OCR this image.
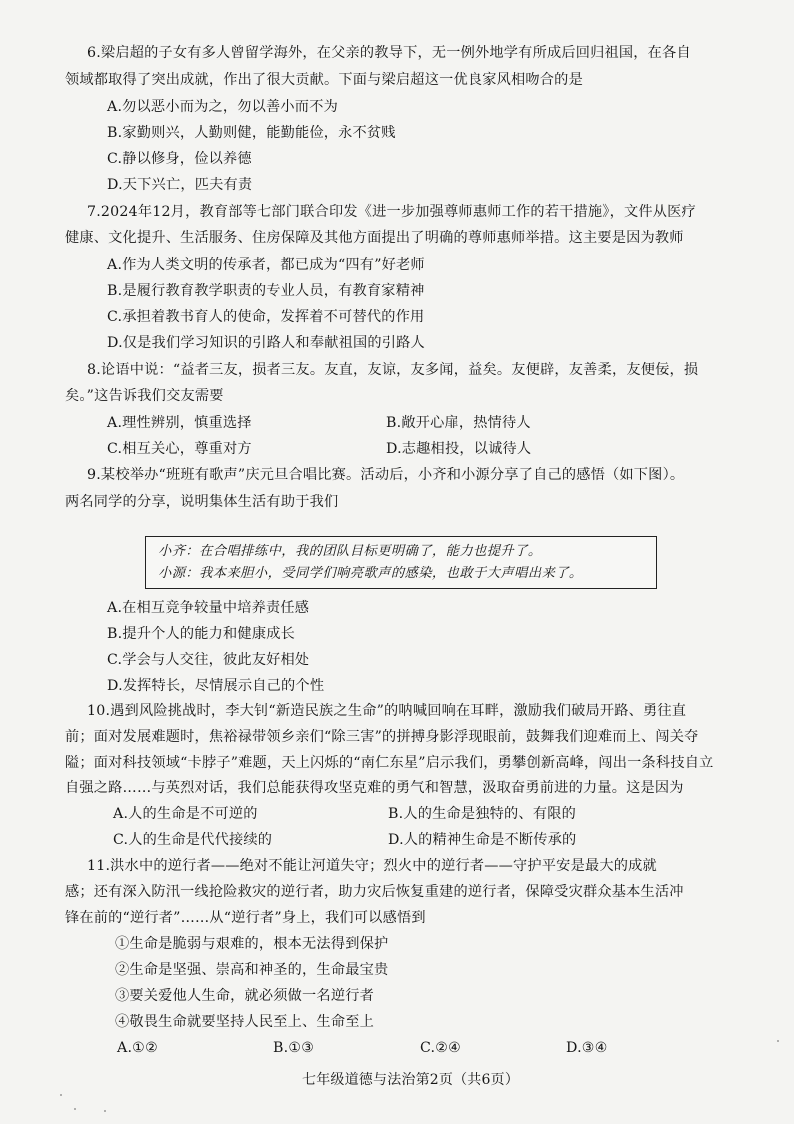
6.梁启超的子女有多人曾留学海外，在父亲的教导下，无一例外地学有所成后回归祖国，在各自
领域都取得了突出成就，作出了很大贡献。下面与梁启超这一优良家风相吻合的是
A.勿以恶小而为之，勿以善小而不为
B.家勤则兴，人勤则健，能勤能俭，永不贫贱
C.静以修身，俭以养德
D.天下兴亡，匹夫有责
7.2024年12月，教育部等七部门联合印发《进一步加强尊师惠师工作的若干措施》，文件从医疗
健康、文化提升、生活服务、住房保障及其他方面提出了明确的尊师惠师举措。这主要是因为教师
A.作为人类文明的传承者，都已成为“四有”好老师
B.是履行教育教学职责的专业人员，有教育家精神
C.承担着教书育人的使命，发挥着不可替代的作用
D.仅是我们学习知识的引路人和奉献祖国的引路人
8.论语中说：“益者三友，损者三友。友直，友谅，友多闻，益矣。友便辟，友善柔，友便佞，损
矣。”这告诉我们交友需要
A.理性辨别，慎重选择	B.敞开心扉，热情待人
C.相互关心，尊重对方	D.志趣相投，以诚待人
9.某校举办“班班有歌声”庆元旦合唱比赛。活动后，小齐和小源分享了自己的感悟（如下图）。
两名同学的分享，说明集体生活有助于我们
小齐：在合唱排练中，我的团队目标更明确了，能力也提升了。
小源：我本来胆小，受同学们响亮歌声的感染，也敢于大声唱出来了。
A.在相互竞争较量中培养责任感
B.提升个人的能力和健康成长
C.学会与人交往，彼此友好相处
D.发挥特长，尽情展示自己的个性
10.遇到风险挑战时，李大钊“新造民族之生命”的呐喊回响在耳畔，激励我们破局开路、勇往直
前；面对发展难题时，焦裕禄带领乡亲们“除三害”的拼搏身影浮现眼前，鼓舞我们迎难而上、闯关夺
隘；面对科技领域“卡脖子”难题，天上闪烁的“南仁东星”启示我们，勇攀创新高峰，闯出一条科技自立
自强之路……与英烈对话，我们总能获得攻坚克难的勇气和智慧，汲取奋勇前进的力量。这是因为
A.人的生命是不可逆的	B.人的生命是独特的、有限的
C.人的生命是代代接续的	D.人的精神生命是不断传承的
11.洪水中的逆行者——绝对不能让河道失守；烈火中的逆行者——守护平安是最大的成就
感；还有深入防汛一线抢险救灾的逆行者，助力灾后恢复重建的逆行者，保障受灾群众基本生活冲
锋在前的“逆行者”……从“逆行者”身上，我们可以感悟到
①生命是脆弱与艰难的，根本无法得到保护
②生命是坚强、崇高和神圣的，生命最宝贵
③要关爱他人生命，就必须做一名逆行者
④敬畏生命就要坚持人民至上、生命至上
A.①②	B.①③	C.②④	D.③④
七年级道德与法治第2页（共6页）
